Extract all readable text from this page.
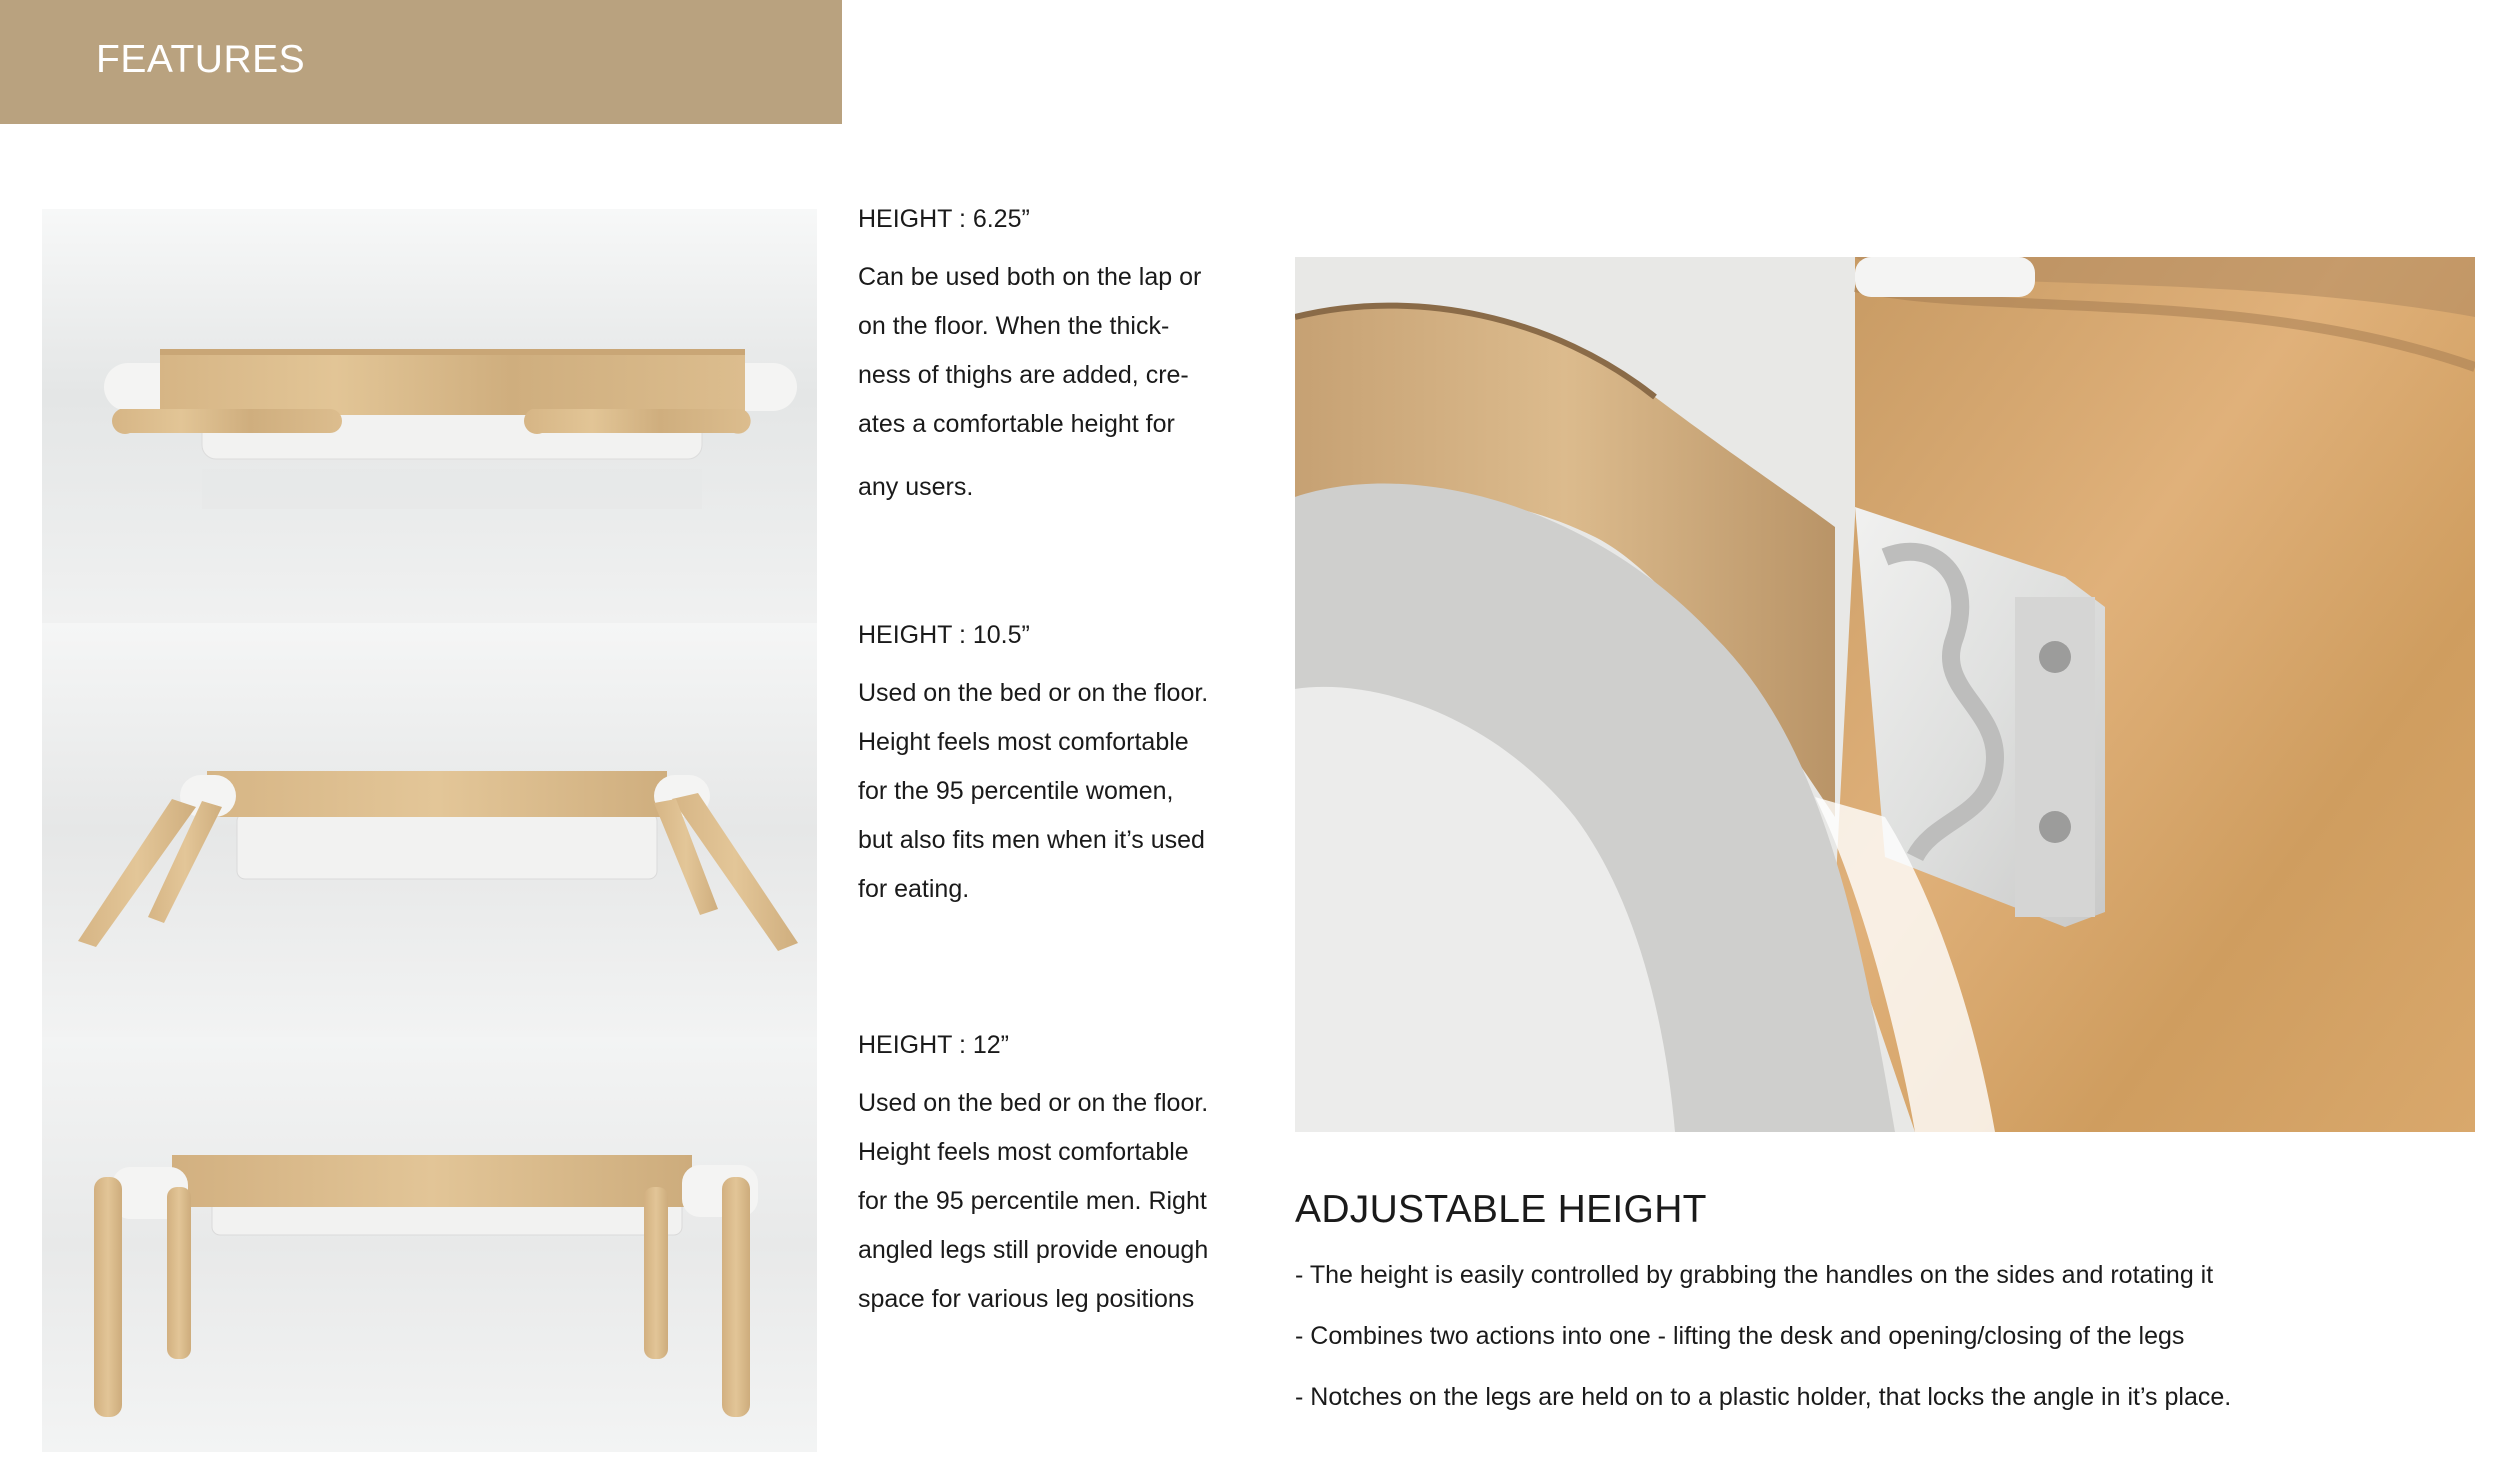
FEATURES
HEIGHT : 6.25”
Can be used both on the lap or
on the floor. When the thick-
ness of thighs are added, cre-
ates a comfortable height for
any users.
HEIGHT : 10.5”
Used on the bed or on the floor.
Height feels most comfortable
for the 95 percentile women,
but also fits men when it’s used
for eating.
HEIGHT : 12”
Used on the bed or on the floor.
Height feels most comfortable
for the 95 percentile men. Right
angled legs still provide enough
space for various leg positions
ADJUSTABLE HEIGHT
- The height is easily controlled by grabbing the handles on the sides and rotating it
- Combines two actions into one - lifting the desk and opening/closing of the legs
- Notches on the legs are held on to a plastic holder, that locks the angle in it’s place.
